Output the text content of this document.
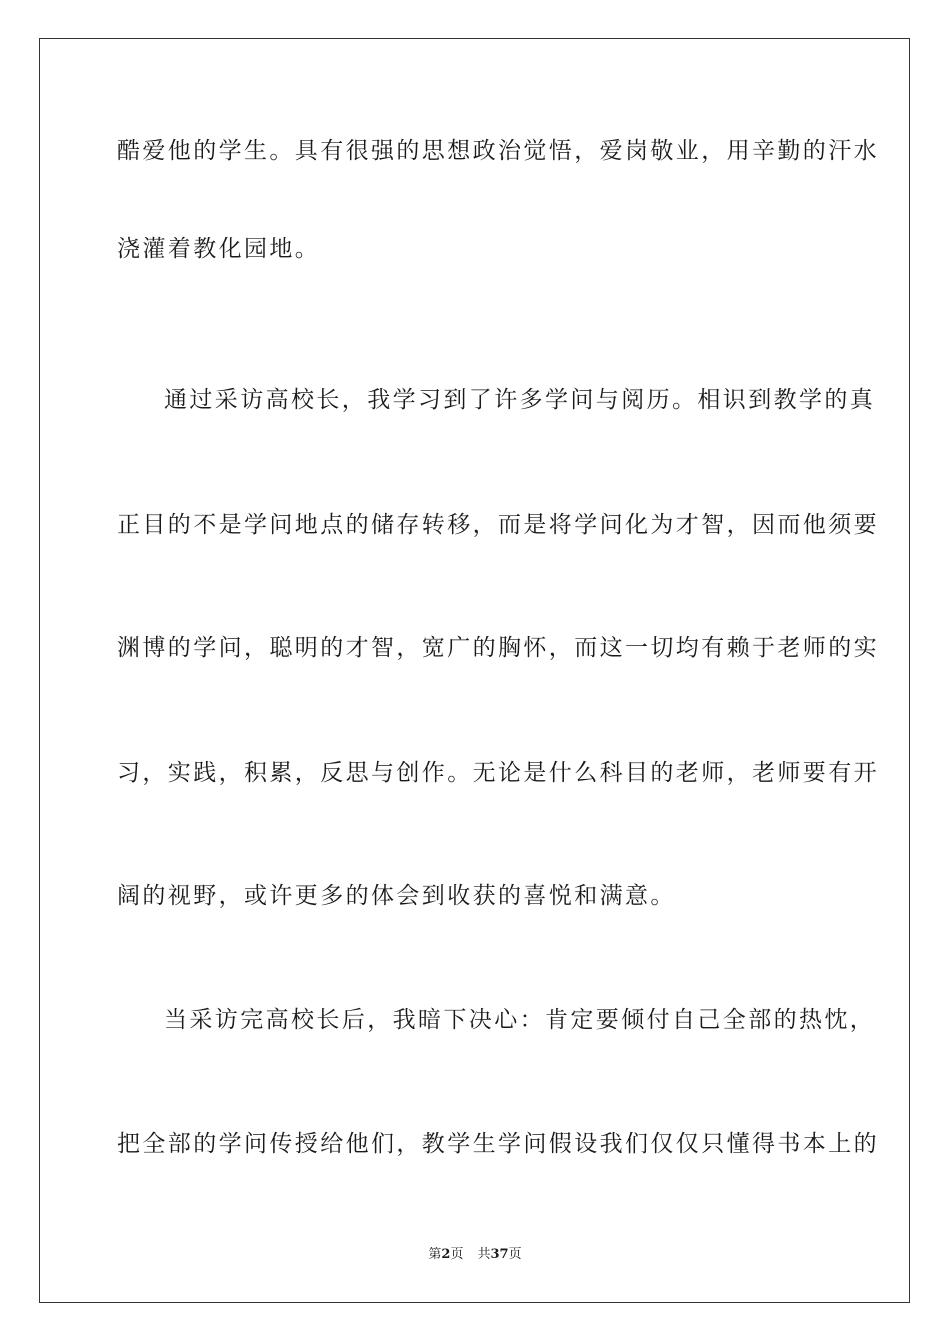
酷爱他的学生。具有很强的思想政治觉悟，爱岗敬业，用辛勤的汗水
浇灌着教化园地。
通过采访高校长，我学习到了许多学问与阅历。相识到教学的真
正目的不是学问地点的储存转移，而是将学问化为才智，因而他须要
渊博的学问，聪明的才智，宽广的胸怀，而这一切均有赖于老师的实
习，实践，积累，反思与创作。无论是什么科目的老师，老师要有开
阔的视野，或许更多的体会到收获的喜悦和满意。
当采访完高校长后，我暗下决心：肯定要倾付自己全部的热忱，
把全部的学问传授给他们，教学生学问假设我们仅仅只懂得书本上的
第2页 共37页
